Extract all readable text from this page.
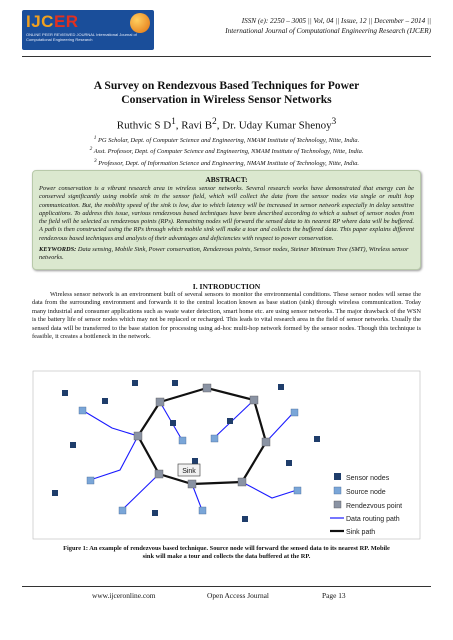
IJCER
ONLINE PEER REVIEWED JOURNAL International Journal of Computational Engineering Research
ISSN (e): 2250 – 3005 || Vol, 04 || Issue, 12 || December – 2014 ||
International Journal of Computational Engineering Research (IJCER)
A Survey on Rendezvous Based Techniques for Power
Conservation in Wireless Sensor Networks
Ruthvic S $D^1$, Ravi $B^2$, Dr. Uday Kumar Shenoy$^3$
$^1$ PG Scholar, Dept. of Computer Science and Engineering, NMAM Institute of Technology, Nitte, India.
$^2$ Asst. Professor, Dept. of Computer Science and Engineering, NMAM Institute of Technology, Nitte, India.
$^3$ Professor, Dept. of Information Science and Engineering, NMAM Institute of Technology, Nitte, India.
ABSTRACT:
Power conservation is a vibrant research area in wireless sensor networks. Several research works have demonstrated that energy can be conserved significantly using mobile sink in the sensor field, which will collect the data from the sensor nodes via single or multi hop communication. But, the mobility speed of the sink is low, due to which latency will be increased in sensor network especially in delay sensitive applications. To address this issue, various rendezvous based techniques have been described according to which a subset of sensor nodes from the field will be selected as rendezvous points (RPs). Remaining nodes will forward the sensed data to its nearest RP where data will be buffered. A path is then constructed using the RPs through which mobile sink will make a tour and collects the buffered data. This paper explains different rendezvous based techniques and analysis of their advantages and deficiencies with respect to power conservation.
KEYWORDS: Data sensing, Mobile Sink, Power conservation, Rendezvous points, Sensor nodes, Steiner Minimum Tree (SMT), Wireless sensor networks.
I. INTRODUCTION
Wireless sensor network is an environment built of several sensors to monitor the environmental conditions. These sensor nodes will sense the data from the surrounding environment and forwards it to the central location known as base station (sink) through wireless communication. Today many industrial and consumer applications such as waste water detection, smart home etc. are using sensor networks. The major drawback of the WSN is the battery life of sensor nodes which may not be replaced or recharged. This leads to vital research area in the field of sensor networks. Usually the sensed data will be transferred to the base station for processing using ad-hoc multi-hop network formed by the sensor nodes. Though this technique is feasible, it creates a bottleneck in the network.
Sink
Sensor nodes
Source node
Rendezvous point
Data routing path
Sink path
Figure 1: An example of rendezvous based technique. Source node will forward the sensed data to its nearest RP. Mobile sink will make a tour and collects the data buffered at the RP.
www.ijceronline.com	Open Access Journal	Page 13
